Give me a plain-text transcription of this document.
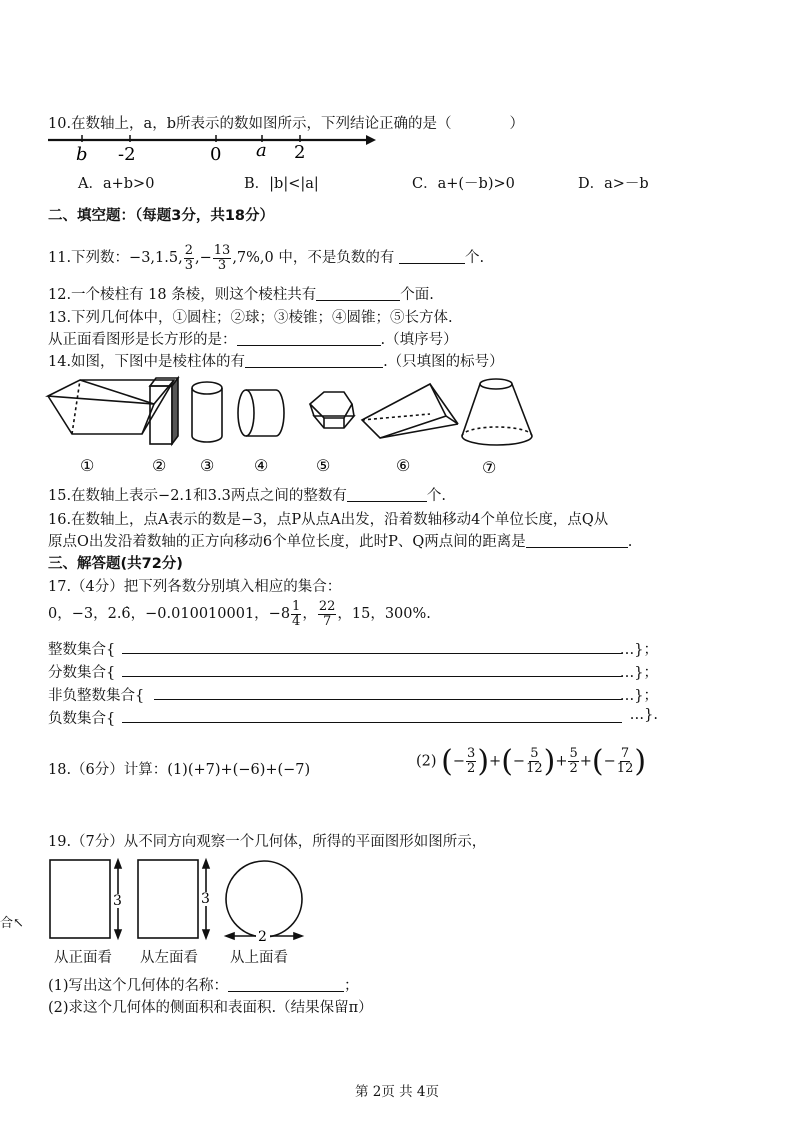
10.在数轴上，a，b所表示的数如图所示，下列结论正确的是（　　　　）
b -2	0 a 2
A．a+b>0	B．|b|<|a|	C．a+(－b)>0	D．a>－b
二、填空题：（每题3分，共18分）
11.下列数：−3,1.5, $\frac{2}{3}$ ,− $\frac{13}{3} ,7\%,0$ 中，不是负数的有	个.
12.一个棱柱有 18 条棱，则这个棱柱共有	个面.
13.下列几何体中，①圆柱；②球；③棱锥；④圆锥；⑤长方体.
从正面看图形是长方形的是：	.（填序号）
14.如图，下图中是棱柱体的有	.（只填图的标号）
①	② ③ ④	⑤	⑥	⑦
15.在数轴上表示−2.1和3.3两点之间的整数有	个.
16.在数轴上，点A表示的数是−3，点P从点A出发，沿着数轴移动4个单位长度，点Q从
原点O出发沿着数轴的正方向移动6个单位长度，此时P、Q两点间的距离是	.
三、解答题(共72分)
17.（4分）把下列各数分别填入相应的集合：
0，−3，2.6̇，−0.010010001，$-8 \frac{1}{4}$ ， $\frac{22}{7}$ ，15，300%.
整数集合{	…}；
分数集合{	…}；
非负整数集合{	…}；
负数集合{	…}.
18.（6分）计算：(1)(+7)+(−6)+(−7)
(2) (− $\frac{3}{2}$ )+(− $\frac{5}{12}$ )+ $\frac{5}{2}$ +(− $\frac{7}{12}$ )
19.（7分）从不同方向观察一个几何体，所得的平面图形如图所示，
3	3
2
从正面看 从左面看 从上面看
(1)写出这个几何体的名称：	；
(2)求这个几何体的侧面积和表面积.（结果保留π）
合↖
第 2页 共 4页
